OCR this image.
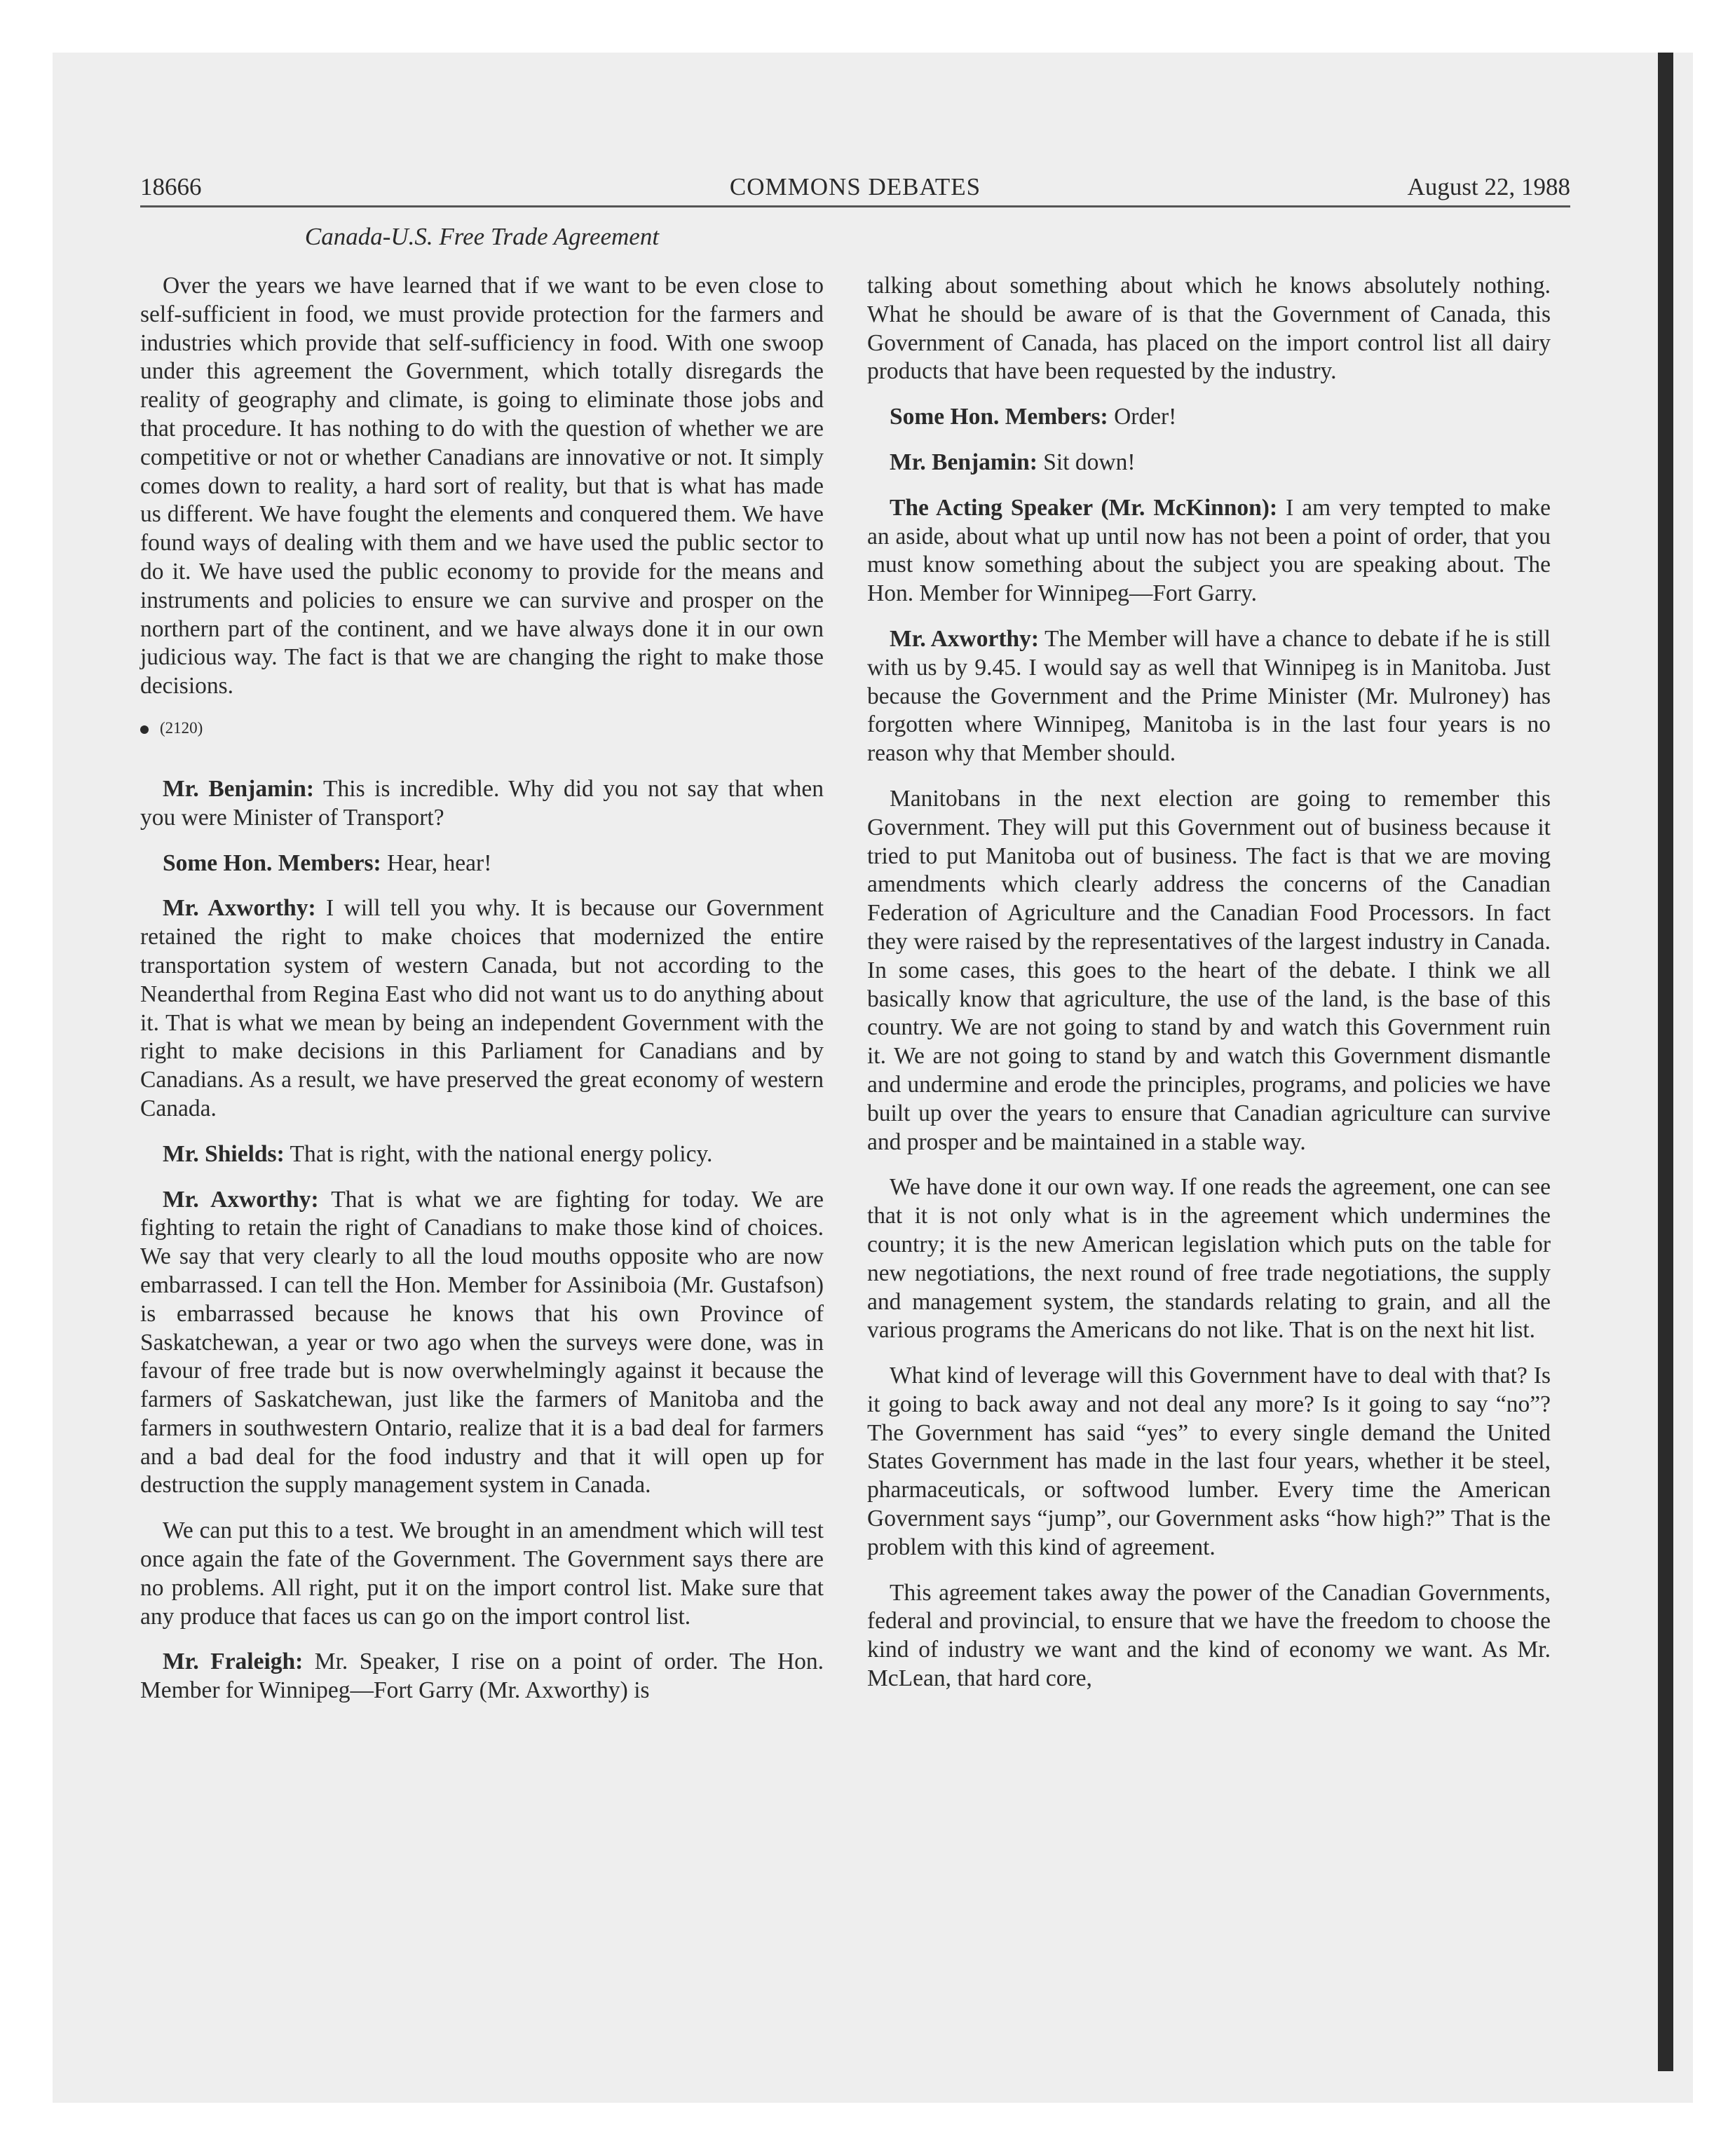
18666	COMMONS DEBATES	August 22, 1988
Canada-U.S. Free Trade Agreement

Over the years we have learned that if we want to be even close to self-sufficient in food, we must provide protection for the farmers and industries which provide that self-sufficiency in food. With one swoop under this agreement the Government, which totally disregards the reality of geography and climate, is going to eliminate those jobs and that procedure. It has nothing to do with the question of whether we are competitive or not or whether Canadians are innovative or not. It simply comes down to reality, a hard sort of reality, but that is what has made us different. We have fought the elements and conquered them. We have found ways of dealing with them and we have used the public sector to do it. We have used the public economy to provide for the means and instruments and policies to ensure we can survive and prosper on the northern part of the continent, and we have always done it in our own judicious way. The fact is that we are changing the right to make those decisions.

(2120)

Mr. Benjamin: This is incredible. Why did you not say that when you were Minister of Transport?

Some Hon. Members: Hear, hear!

Mr. Axworthy: I will tell you why. It is because our Government retained the right to make choices that modernized the entire transportation system of western Canada, but not according to the Neanderthal from Regina East who did not want us to do anything about it. That is what we mean by being an independent Government with the right to make decisions in this Parliament for Canadians and by Canadians. As a result, we have preserved the great economy of western Canada.

Mr. Shields: That is right, with the national energy policy.

Mr. Axworthy: That is what we are fighting for today. We are fighting to retain the right of Canadians to make those kind of choices. We say that very clearly to all the loud mouths opposite who are now embarrassed. I can tell the Hon. Member for Assiniboia (Mr. Gustafson) is embarrassed because he knows that his own Province of Saskatchewan, a year or two ago when the surveys were done, was in favour of free trade but is now overwhelmingly against it because the farmers of Saskatchewan, just like the farmers of Manitoba and the farmers in southwestern Ontario, realize that it is a bad deal for farmers and a bad deal for the food industry and that it will open up for destruction the supply management system in Canada.

We can put this to a test. We brought in an amendment which will test once again the fate of the Government. The Government says there are no problems. All right, put it on the import control list. Make sure that any produce that faces us can go on the import control list.

Mr. Fraleigh: Mr. Speaker, I rise on a point of order. The Hon. Member for Winnipeg—Fort Garry (Mr. Axworthy) is

talking about something about which he knows absolutely nothing. What he should be aware of is that the Government of Canada, this Government of Canada, has placed on the import control list all dairy products that have been requested by the industry.

Some Hon. Members: Order!

Mr. Benjamin: Sit down!

The Acting Speaker (Mr. McKinnon): I am very tempted to make an aside, about what up until now has not been a point of order, that you must know something about the subject you are speaking about. The Hon. Member for Winnipeg—Fort Garry.

Mr. Axworthy: The Member will have a chance to debate if he is still with us by 9.45. I would say as well that Winnipeg is in Manitoba. Just because the Government and the Prime Minister (Mr. Mulroney) has forgotten where Winnipeg, Manitoba is in the last four years is no reason why that Member should.

Manitobans in the next election are going to remember this Government. They will put this Government out of business because it tried to put Manitoba out of business. The fact is that we are moving amendments which clearly address the concerns of the Canadian Federation of Agriculture and the Canadian Food Processors. In fact they were raised by the representatives of the largest industry in Canada. In some cases, this goes to the heart of the debate. I think we all basically know that agriculture, the use of the land, is the base of this country. We are not going to stand by and watch this Government ruin it. We are not going to stand by and watch this Government dismantle and undermine and erode the principles, programs, and policies we have built up over the years to ensure that Canadian agriculture can survive and prosper and be maintained in a stable way.

We have done it our own way. If one reads the agreement, one can see that it is not only what is in the agreement which undermines the country; it is the new American legislation which puts on the table for new negotiations, the next round of free trade negotiations, the supply and management system, the standards relating to grain, and all the various programs the Americans do not like. That is on the next hit list.

What kind of leverage will this Government have to deal with that? Is it going to back away and not deal any more? Is it going to say “no”? The Government has said “yes” to every single demand the United States Government has made in the last four years, whether it be steel, pharmaceuticals, or softwood lumber. Every time the American Government says “jump”, our Government asks “how high?” That is the problem with this kind of agreement.

This agreement takes away the power of the Canadian Governments, federal and provincial, to ensure that we have the freedom to choose the kind of industry we want and the kind of economy we want. As Mr. McLean, that hard core,
